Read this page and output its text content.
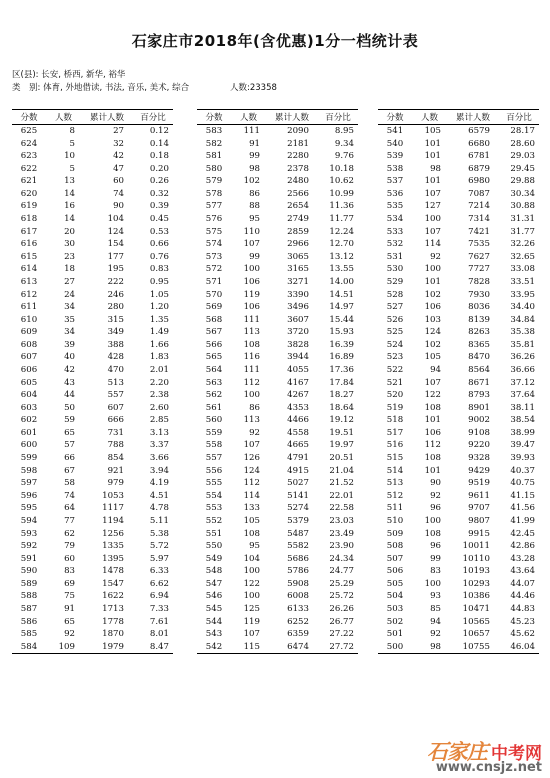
石家庄市2018年(含优惠)1分一档统计表
区(县): 长安, 桥西, 新华, 裕华
类　别: 体育, 外地借读, 书法, 音乐, 美术, 综合	人数:23358
分数	人数	累计人数	百分比
625	8	27	0.12
624	5	32	0.14
623	10	42	0.18
622	5	47	0.20
621	13	60	0.26
620	14	74	0.32
619	16	90	0.39
618	14	104	0.45
617	20	124	0.53
616	30	154	0.66
615	23	177	0.76
614	18	195	0.83
613	27	222	0.95
612	24	246	1.05
611	34	280	1.20
610	35	315	1.35
609	34	349	1.49
608	39	388	1.66
607	40	428	1.83
606	42	470	2.01
605	43	513	2.20
604	44	557	2.38
603	50	607	2.60
602	59	666	2.85
601	65	731	3.13
600	57	788	3.37
599	66	854	3.66
598	67	921	3.94
597	58	979	4.19
596	74	1053	4.51
595	64	1117	4.78
594	77	1194	5.11
593	62	1256	5.38
592	79	1335	5.72
591	60	1395	5.97
590	83	1478	6.33
589	69	1547	6.62
588	75	1622	6.94
587	91	1713	7.33
586	65	1778	7.61
585	92	1870	8.01
584	109	1979	8.47
分数	人数	累计人数	百分比
583	111	2090	8.95
582	91	2181	9.34
581	99	2280	9.76
580	98	2378	10.18
579	102	2480	10.62
578	86	2566	10.99
577	88	2654	11.36
576	95	2749	11.77
575	110	2859	12.24
574	107	2966	12.70
573	99	3065	13.12
572	100	3165	13.55
571	106	3271	14.00
570	119	3390	14.51
569	106	3496	14.97
568	111	3607	15.44
567	113	3720	15.93
566	108	3828	16.39
565	116	3944	16.89
564	111	4055	17.36
563	112	4167	17.84
562	100	4267	18.27
561	86	4353	18.64
560	113	4466	19.12
559	92	4558	19.51
558	107	4665	19.97
557	126	4791	20.51
556	124	4915	21.04
555	112	5027	21.52
554	114	5141	22.01
553	133	5274	22.58
552	105	5379	23.03
551	108	5487	23.49
550	95	5582	23.90
549	104	5686	24.34
548	100	5786	24.77
547	122	5908	25.29
546	100	6008	25.72
545	125	6133	26.26
544	119	6252	26.77
543	107	6359	27.22
542	115	6474	27.72
分数	人数	累计人数	百分比
541	105	6579	28.17
540	101	6680	28.60
539	101	6781	29.03
538	98	6879	29.45
537	101	6980	29.88
536	107	7087	30.34
535	127	7214	30.88
534	100	7314	31.31
533	107	7421	31.77
532	114	7535	32.26
531	92	7627	32.65
530	100	7727	33.08
529	101	7828	33.51
528	102	7930	33.95
527	106	8036	34.40
526	103	8139	34.84
525	124	8263	35.38
524	102	8365	35.81
523	105	8470	36.26
522	94	8564	36.66
521	107	8671	37.12
520	122	8793	37.64
519	108	8901	38.11
518	101	9002	38.54
517	106	9108	38.99
516	112	9220	39.47
515	108	9328	39.93
514	101	9429	40.37
513	90	9519	40.75
512	92	9611	41.15
511	96	9707	41.56
510	100	9807	41.99
509	108	9915	42.45
508	96	10011	42.86
507	99	10110	43.28
506	83	10193	43.64
505	100	10293	44.07
504	93	10386	44.46
503	85	10471	44.83
502	94	10565	45.23
501	92	10657	45.62
500	98	10755	46.04
石家庄 中考网
www.cnsjz.net
